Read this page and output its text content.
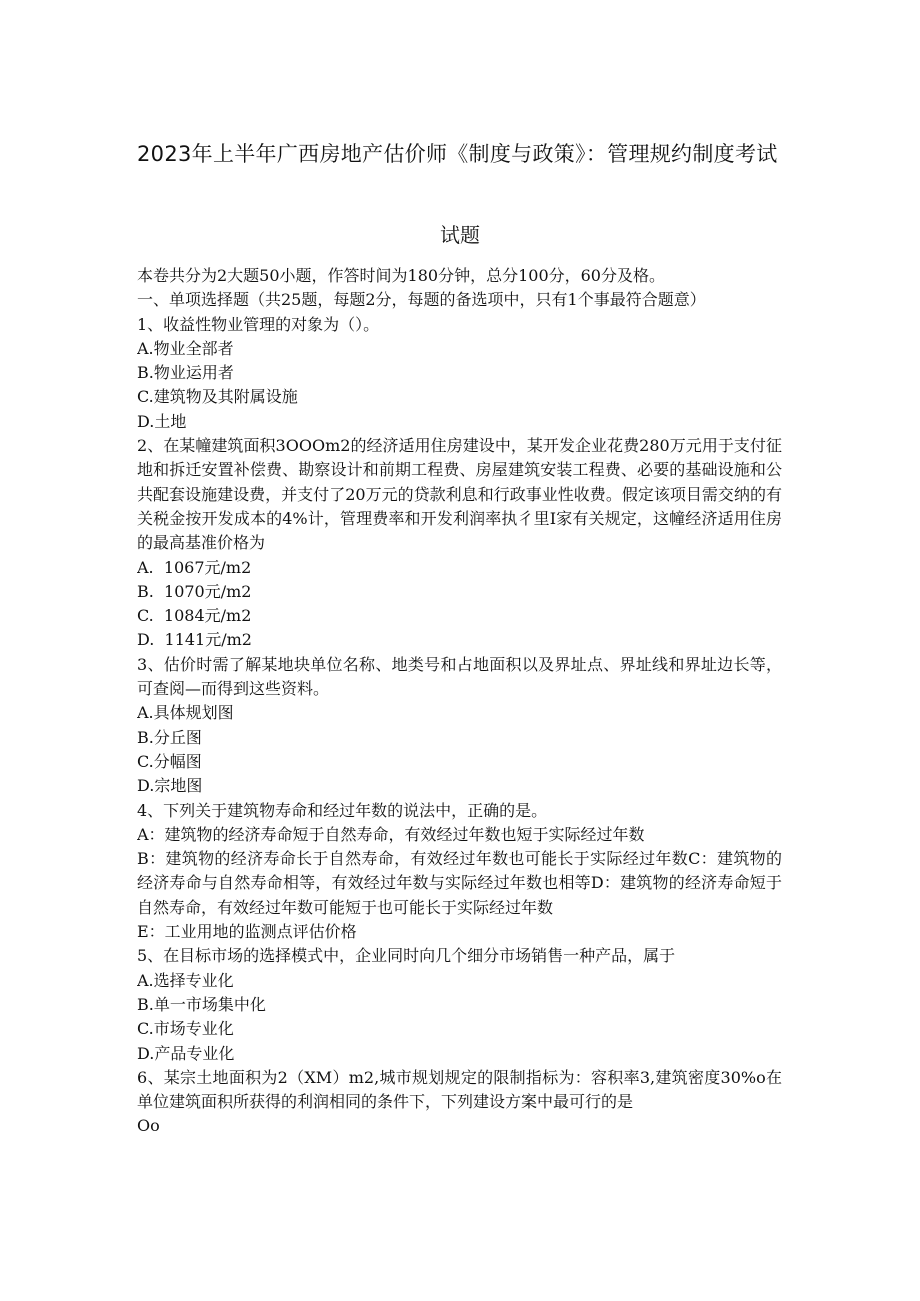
2023年上半年广西房地产估价师《制度与政策》：管理规约制度考试
试题
本卷共分为2大题50小题，作答时间为180分钟，总分100分，60分及格。
一、单项选择题（共25题，每题2分，每题的备选项中，只有1个事最符合题意）
1、收益性物业管理的对象为（）。
A.物业全部者
B.物业运用者
C.建筑物及其附属设施
D.土地
2、在某幢建筑面积3OOOm2的经济适用住房建设中，某开发企业花费280万元用于支付征地和拆迁安置补偿费、勘察设计和前期工程费、房屋建筑安装工程费、必要的基础设施和公共配套设施建设费，并支付了20万元的贷款利息和行政事业性收费。假定该项目需交纳的有关税金按开发成本的4%计，管理费率和开发利润率执彳里I家有关规定，这幢经济适用住房的最高基准价格为
A.  1067元/m2
B.  1070元/m2
C.  1084元/m2
D.  1141元/m2
3、估价时需了解某地块单位名称、地类号和占地面积以及界址点、界址线和界址边长等，可查阅—而得到这些资料。
A.具体规划图
B.分丘图
C.分幅图
D.宗地图
4、下列关于建筑物寿命和经过年数的说法中，正确的是。
A：建筑物的经济寿命短于自然寿命，有效经过年数也短于实际经过年数
B：建筑物的经济寿命长于自然寿命，有效经过年数也可能长于实际经过年数C：建筑物的经济寿命与自然寿命相等，有效经过年数与实际经过年数也相等D：建筑物的经济寿命短于自然寿命，有效经过年数可能短于也可能长于实际经过年数
E：工业用地的监测点评估价格
5、在目标市场的选择模式中，企业同时向几个细分市场销售一种产品，属于
A.选择专业化
B.单一市场集中化
C.市场专业化
D.产品专业化
6、某宗土地面积为2（XM）m2,城市规划规定的限制指标为：容积率3,建筑密度30%o在单位建筑面积所获得的利润相同的条件下，下列建设方案中最可行的是
Oo
